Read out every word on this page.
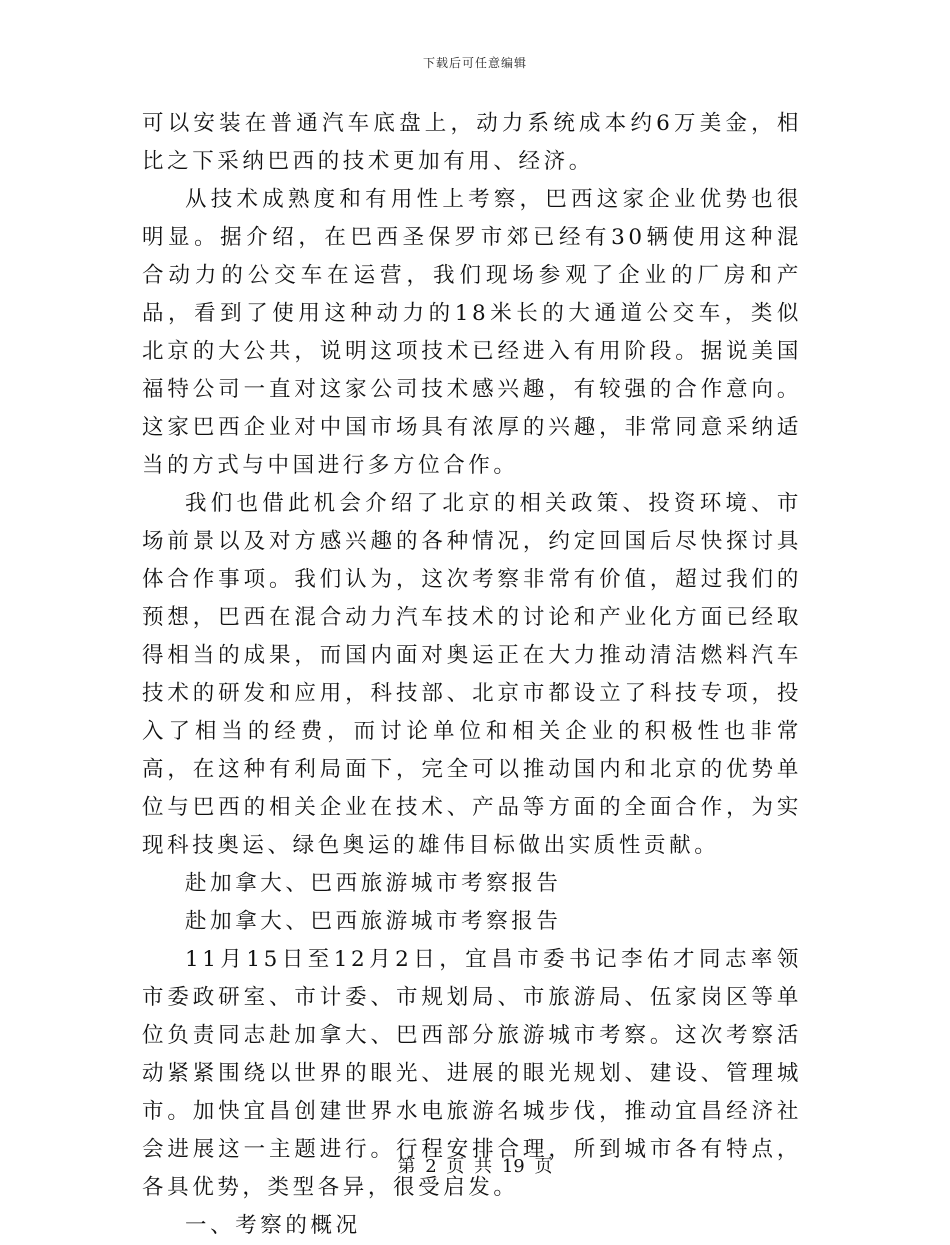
下载后可任意编辑

可以安装在普通汽车底盘上，动力系统成本约6万美金，相比之下采纳巴西的技术更加有用、经济。

从技术成熟度和有用性上考察，巴西这家企业优势也很明显。据介绍，在巴西圣保罗市郊已经有30辆使用这种混合动力的公交车在运营，我们现场参观了企业的厂房和产品，看到了使用这种动力的18米长的大通道公交车，类似北京的大公共，说明这项技术已经进入有用阶段。据说美国福特公司一直对这家公司技术感兴趣，有较强的合作意向。这家巴西企业对中国市场具有浓厚的兴趣，非常同意采纳适当的方式与中国进行多方位合作。

我们也借此机会介绍了北京的相关政策、投资环境、市场前景以及对方感兴趣的各种情况，约定回国后尽快探讨具体合作事项。我们认为，这次考察非常有价值，超过我们的预想，巴西在混合动力汽车技术的讨论和产业化方面已经取得相当的成果，而国内面对奥运正在大力推动清洁燃料汽车技术的研发和应用，科技部、北京市都设立了科技专项，投入了相当的经费，而讨论单位和相关企业的积极性也非常高，在这种有利局面下，完全可以推动国内和北京的优势单位与巴西的相关企业在技术、产品等方面的全面合作，为实现科技奥运、绿色奥运的雄伟目标做出实质性贡献。

赴加拿大、巴西旅游城市考察报告

赴加拿大、巴西旅游城市考察报告

11月15日至12月2日，宜昌市委书记李佑才同志率领市委政研室、市计委、市规划局、市旅游局、伍家岗区等单位负责同志赴加拿大、巴西部分旅游城市考察。这次考察活动紧紧围绕以世界的眼光、进展的眼光规划、建设、管理城市。加快宜昌创建世界水电旅游名城步伐，推动宜昌经济社会进展这一主题进行。行程安排合理，所到城市各有特点，各具优势，类型各异，很受启发。

一、考察的概况

第 2 页 共 19 页
